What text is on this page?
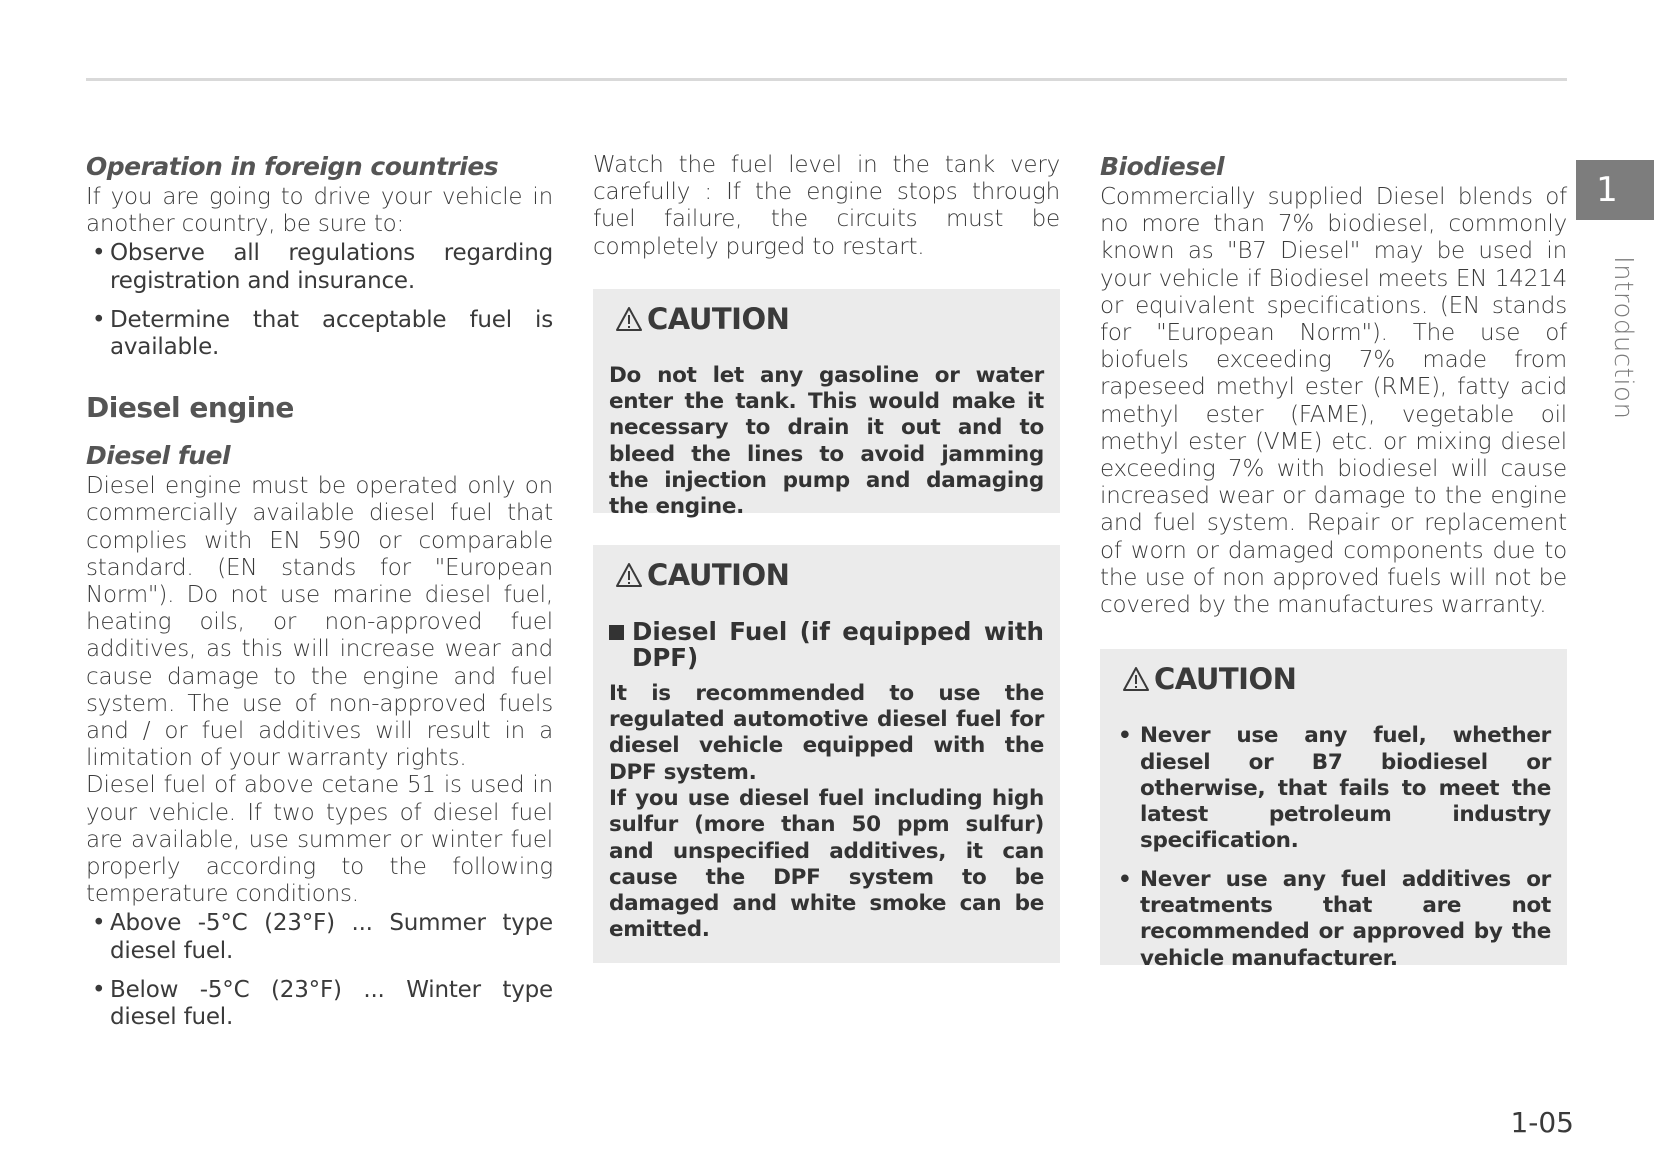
Operation in foreign countries

If you are going to drive your vehicle in another country, be sure to:

• Observe all regulations regarding registration and insurance.
• Determine that acceptable fuel is available.
Diesel engine
Diesel fuel

Diesel engine must be operated only on commercially available diesel fuel that complies with EN 590 or comparable standard. (EN stands for "European Norm"). Do not use marine diesel fuel, heating oils, or non-approved fuel additives, as this will increase wear and cause damage to the engine and fuel system. The use of non-approved fuels and / or fuel additives will result in a limitation of your warranty rights.

Diesel fuel of above cetane 51 is used in your vehicle. If two types of diesel fuel are available, use summer or winter fuel properly according to the following temperature conditions.

• Above -5°C (23°F) ... Summer type diesel fuel.
• Below -5°C (23°F) ... Winter type diesel fuel.

Watch the fuel level in the tank very carefully : If the engine stops through fuel failure, the circuits must be completely purged to restart.

CAUTION

Do not let any gasoline or water enter the tank. This would make it necessary to drain it out and to bleed the lines to avoid jamming the injection pump and damaging the engine.

CAUTION
Diesel Fuel (if equipped with DPF)

It is recommended to use the regulated automotive diesel fuel for diesel vehicle equipped with the DPF system.

If you use diesel fuel including high sulfur (more than 50 ppm sulfur) and unspecified additives, it can cause the DPF system to be damaged and white smoke can be emitted.

Biodiesel

Commercially supplied Diesel blends of no more than 7% biodiesel, commonly known as "B7 Diesel" may be used in your vehicle if Biodiesel meets EN 14214 or equivalent specifications. (EN stands for "European Norm"). The use of biofuels exceeding 7% made from rapeseed methyl ester (RME), fatty acid methyl ester (FAME), vegetable oil methyl ester (VME) etc. or mixing diesel exceeding 7% with biodiesel will cause increased wear or damage to the engine and fuel system. Repair or replacement of worn or damaged components due to the use of non approved fuels will not be covered by the manufactures warranty.

CAUTION
• Never use any fuel, whether diesel or B7 biodiesel or otherwise, that fails to meet the latest petroleum industry specification.
• Never use any fuel additives or treatments that are not recommended or approved by the vehicle manufacturer.
1
Introduction
1-05
